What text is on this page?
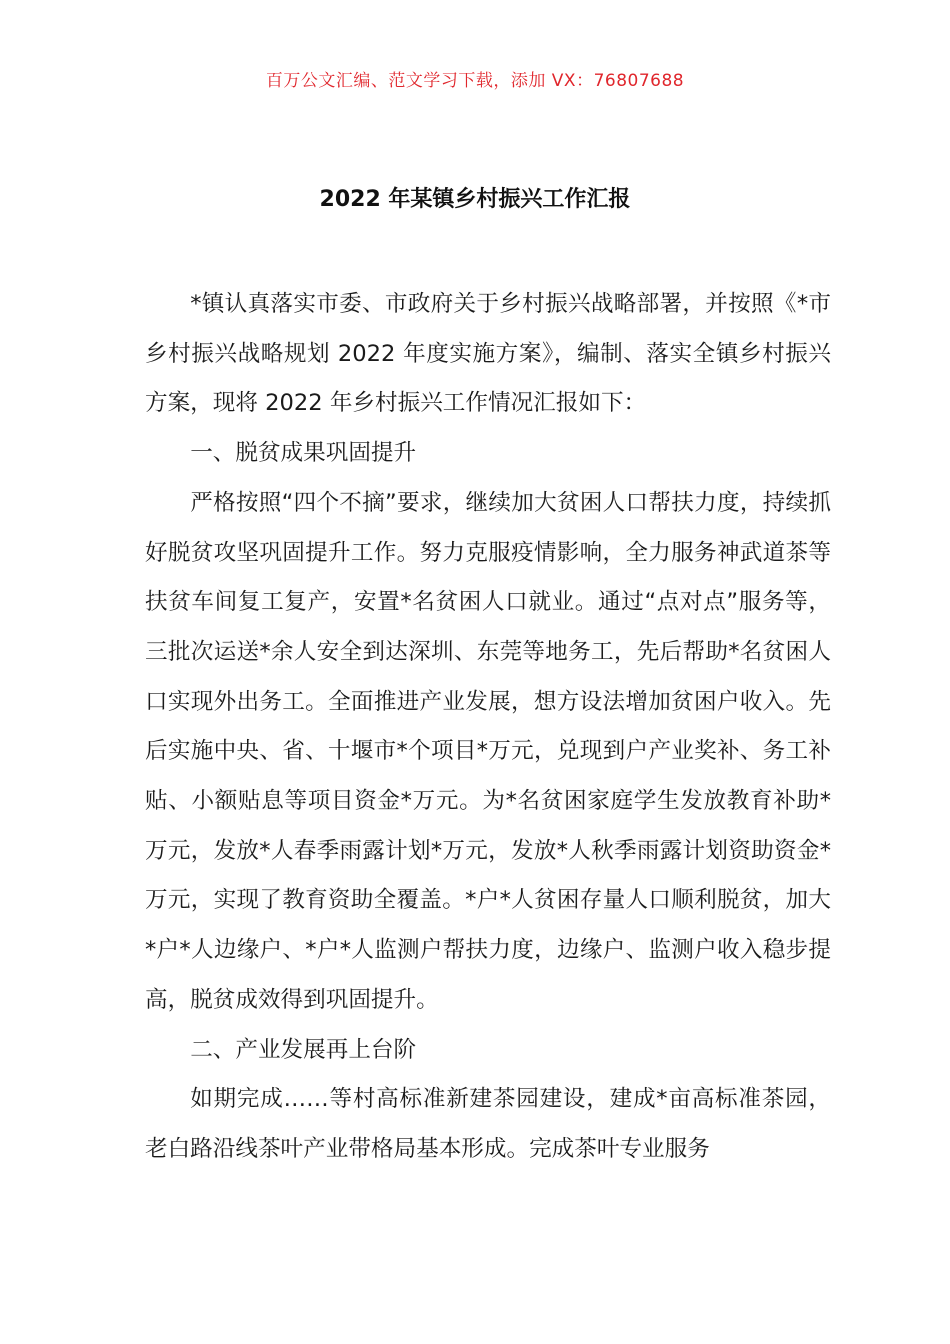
百万公文汇编、范文学习下载，添加 VX：76807688
2022 年某镇乡村振兴工作汇报

*镇认真落实市委、市政府关于乡村振兴战略部署，并按照《*市乡村振兴战略规划 2022 年度实施方案》，编制、落实全镇乡村振兴方案，现将 2022 年乡村振兴工作情况汇报如下：

一、脱贫成果巩固提升

严格按照“四个不摘”要求，继续加大贫困人口帮扶力度，持续抓好脱贫攻坚巩固提升工作。努力克服疫情影响，全力服务神武道茶等扶贫车间复工复产，安置*名贫困人口就业。通过“点对点”服务等，三批次运送*余人安全到达深圳、东莞等地务工，先后帮助*名贫困人口实现外出务工。全面推进产业发展，想方设法增加贫困户收入。先后实施中央、省、十堰市*个项目*万元，兑现到户产业奖补、务工补贴、小额贴息等项目资金*万元。为*名贫困家庭学生发放教育补助*万元，发放*人春季雨露计划*万元，发放*人秋季雨露计划资助资金*万元，实现了教育资助全覆盖。*户*人贫困存量人口顺利脱贫，加大*户*人边缘户、*户*人监测户帮扶力度，边缘户、监测户收入稳步提高，脱贫成效得到巩固提升。

二、产业发展再上台阶

如期完成……等村高标准新建茶园建设，建成*亩高标准茶园，老白路沿线茶叶产业带格局基本形成。完成茶叶专业服务
